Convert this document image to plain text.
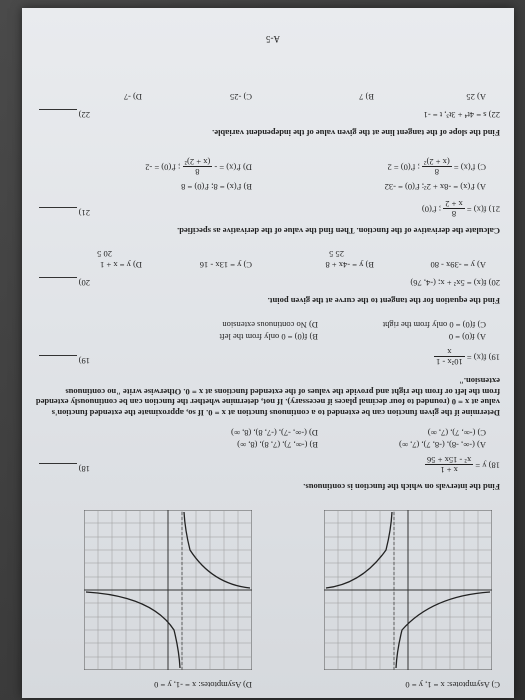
C) Asymptotes: x = 1, y = 0
D) Asymptotes: x = -1, y = 0
Find the intervals on which the function is continuous.
18) y =
x + 1
x² - 15x + 56
18)
A) (-∞, -8), (-8, 7), (7, ∞)
B) (-∞, 7), (7, 8), (8, ∞)
C) (-∞, 7), (7, ∞)
D) (-∞, -7), (-7, 8), (8, ∞)
Determine if the given function can be extended to a continuous function at x = 0. If so, approximate the extended function's value at x = 0 (rounded to four decimal places if necessary). If not, determine whether the function can be continuously extended from the left or from the right and provide the values of the extended functions at x = 0. Otherwise write "no continuous extension."
19) f(x) =
10²x - 1
x
19)
A) f(0) = 0
B) f(0) = 0 only from the left
C) f(0) = 0 only from the right
D) No continuous extension
Find the equation for the tangent to the curve at the given point.
20) f(x) = 5x² + x; (-4, 76)
20)
A) y = -39x - 80
B) y = -4x + 8
25 5
C) y = 13x - 16
D) y = x + 1
20 5
Calculate the derivative of the function. Then find the value of the derivative as specified.
21) f(x) =
8
x + 2
; f′(0)
21)
A) f′(x) = -8x + 2²; f′(0) = -32
B) f′(x) = 8; f′(0) = 8
C) f′(x) =
8
(x + 2)²
; f′(0) = 2
D) f′(x) = -
8
(x + 2)²
; f′(0) = -2
Find the slope of the tangent line at the given value of the independent variable.
22) s = 4t⁴ + 3t³, t = -1
22)
A) 25
B) 7
C) -25
D) -7
A-5
